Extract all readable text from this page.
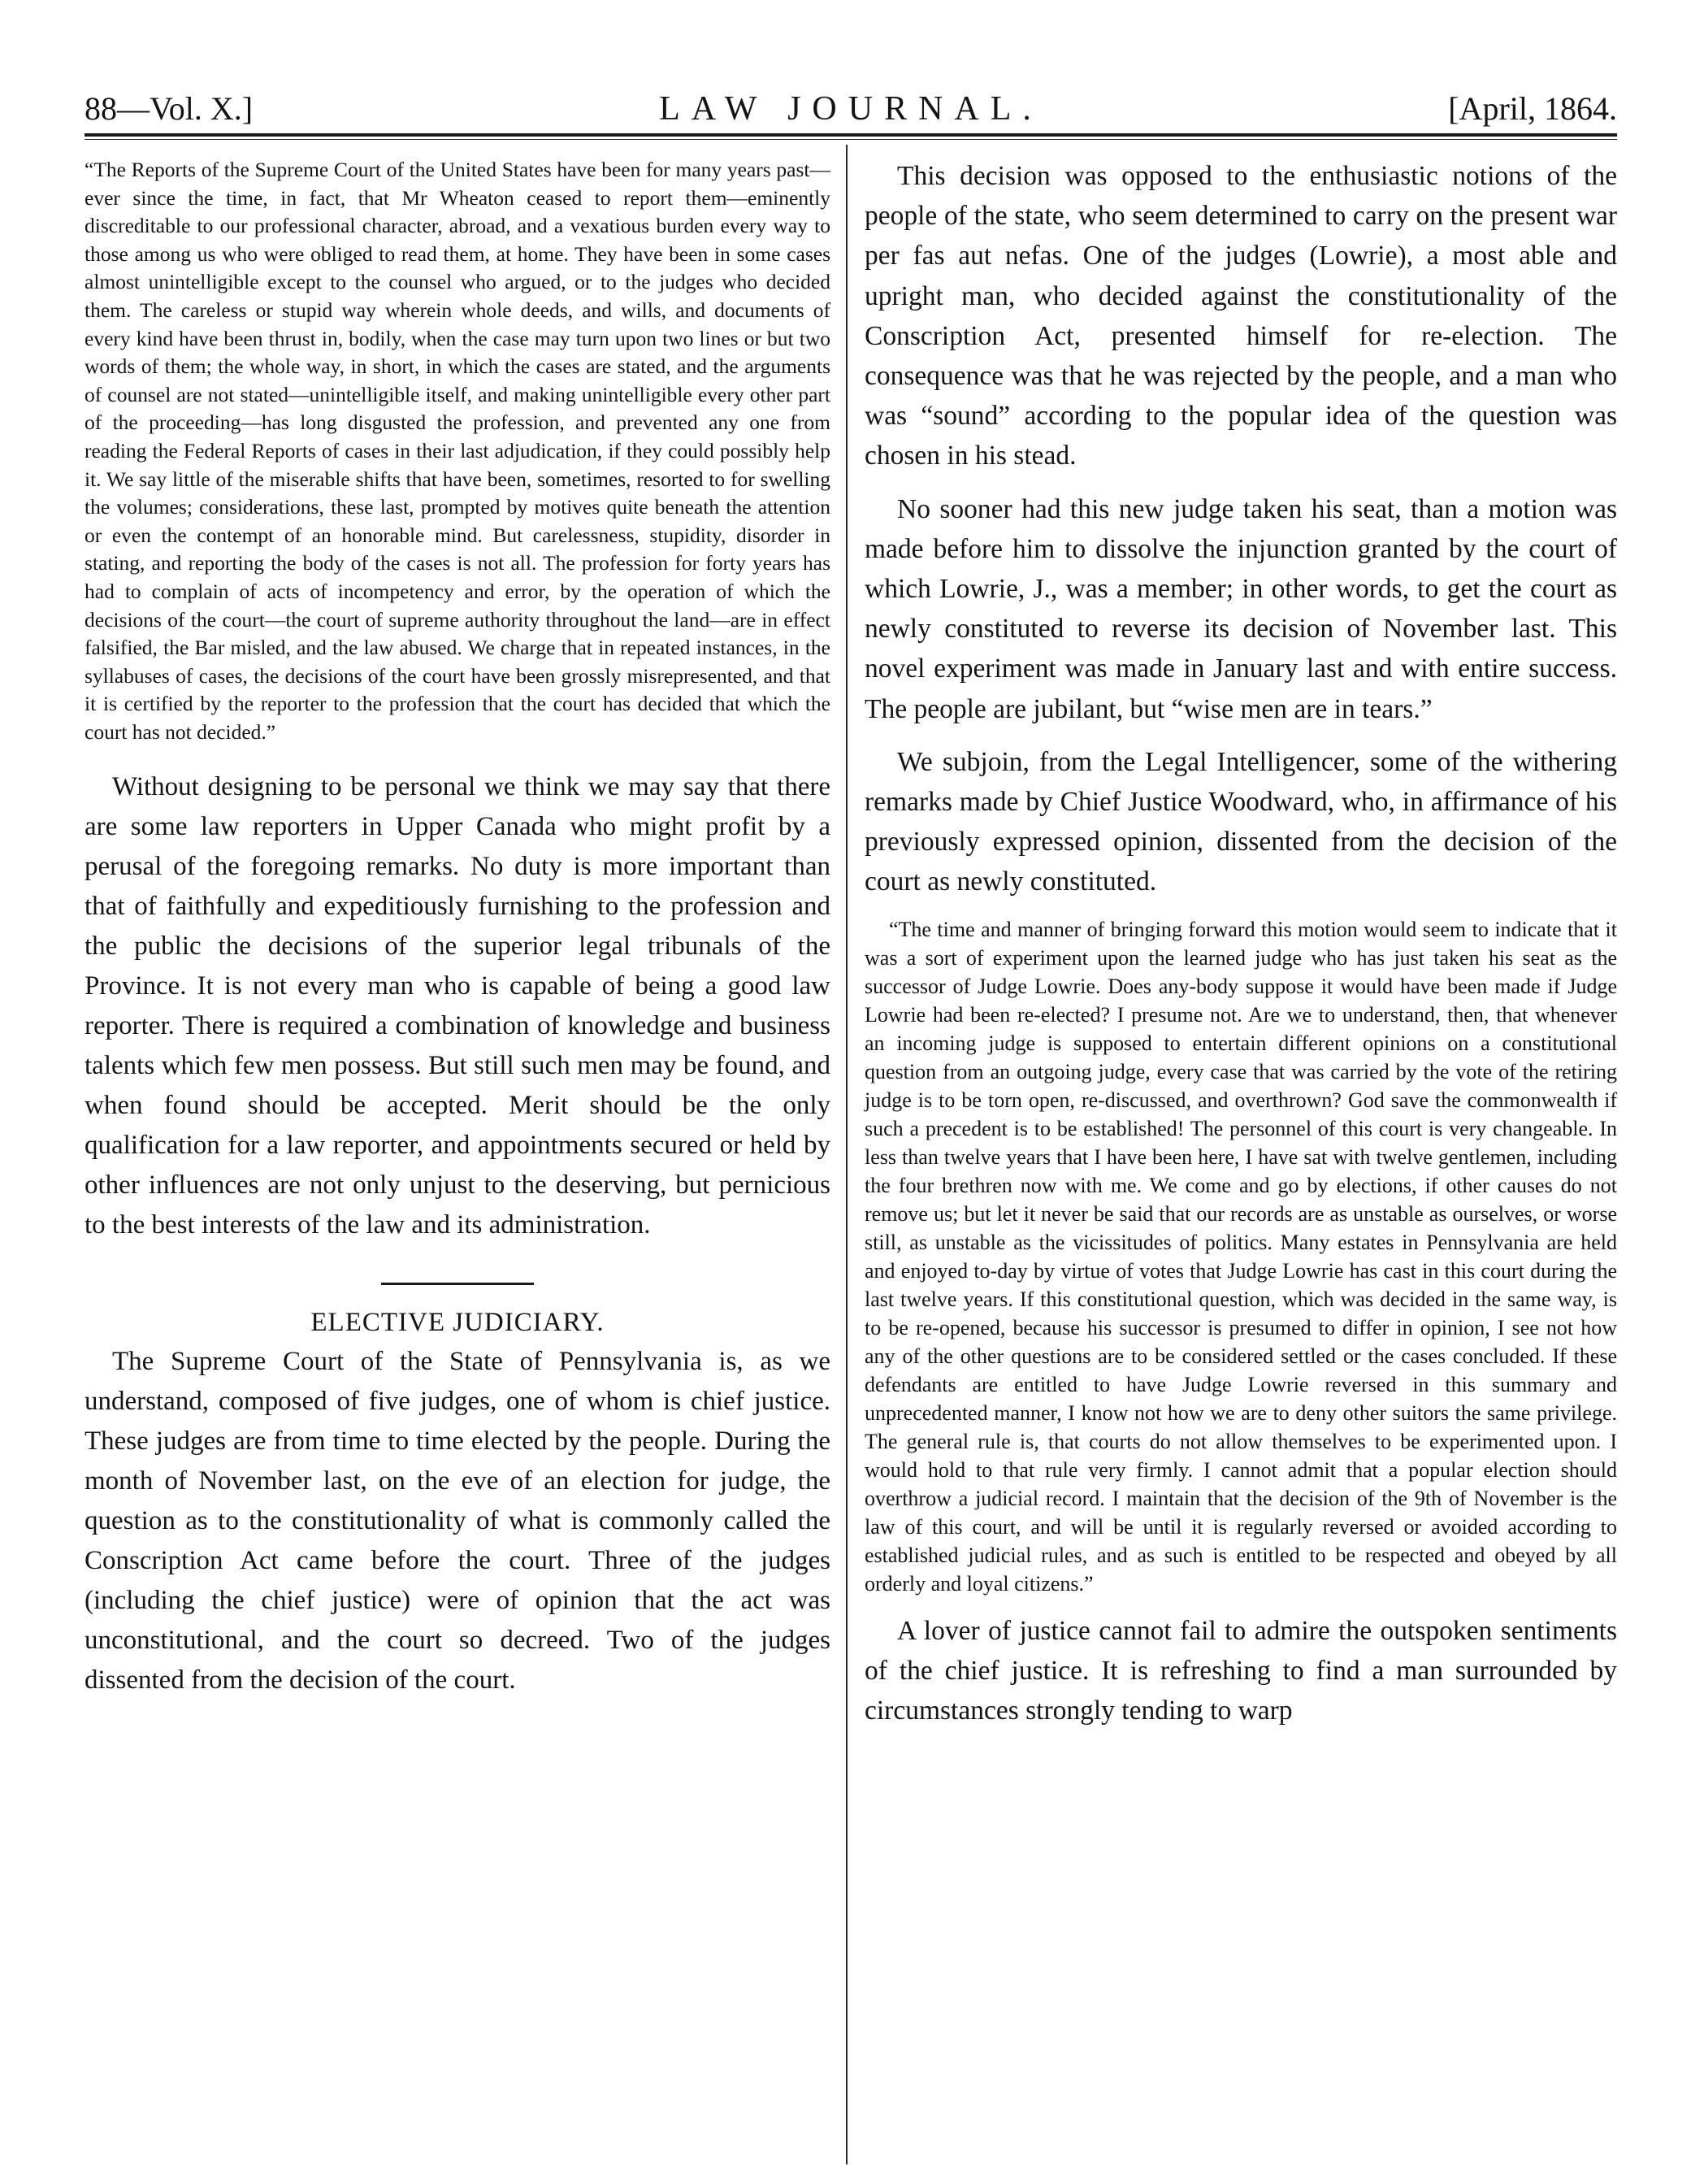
88—Vol. X.]	LAW JOURNAL.	[April, 1864.

“The Reports of the Supreme Court of the United States have been for many years past— ever since the time, in fact, that Mr Wheaton ceased to report them—eminently discreditable to our professional character, abroad, and a vexatious burden every way to those among us who were obliged to read them, at home. They have been in some cases almost unintelligible except to the counsel who argued, or to the judges who decided them. The careless or stupid way wherein whole deeds, and wills, and documents of every kind have been thrust in, bodily, when the case may turn upon two lines or but two words of them; the whole way, in short, in which the cases are stated, and the arguments of counsel are not stated—unintelligible itself, and making unintelligible every other part of the proceeding—has long disgusted the profession, and prevented any one from reading the Federal Reports of cases in their last adjudication, if they could possibly help it. We say little of the miserable shifts that have been, sometimes, resorted to for swelling the volumes; considerations, these last, prompted by motives quite beneath the attention or even the contempt of an honorable mind. But carelessness, stupidity, disorder in stating, and reporting the body of the cases is not all. The profession for forty years has had to complain of acts of incompetency and error, by the operation of which the decisions of the court—the court of supreme authority throughout the land—are in effect falsified, the Bar misled, and the law abused. We charge that in repeated instances, in the syllabuses of cases, the decisions of the court have been grossly misrepresented, and that it is certified by the reporter to the profession that the court has decided that which the court has not decided.”

Without designing to be personal we think we may say that there are some law reporters in Upper Canada who might profit by a perusal of the foregoing remarks. No duty is more important than that of faithfully and expeditiously furnishing to the profession and the public the decisions of the superior legal tribunals of the Province. It is not every man who is capable of being a good law reporter. There is required a combination of knowledge and business talents which few men possess. But still such men may be found, and when found should be accepted. Merit should be the only qualification for a law reporter, and appointments secured or held by other influences are not only unjust to the deserving, but pernicious to the best interests of the law and its administration.

ELECTIVE JUDICIARY.

The Supreme Court of the State of Pennsylvania is, as we understand, composed of five judges, one of whom is chief justice. These judges are from time to time elected by the people. During the month of November last, on the eve of an election for judge, the question as to the constitutionality of what is commonly called the Conscription Act came before the court. Three of the judges (including the chief justice) were of opinion that the act was unconstitutional, and the court so decreed. Two of the judges dissented from the decision of the court.

This decision was opposed to the enthusiastic notions of the people of the state, who seem determined to carry on the present war per fas aut nefas. One of the judges (Lowrie), a most able and upright man, who decided against the constitutionality of the Conscription Act, presented himself for re-election. The consequence was that he was rejected by the people, and a man who was “sound” according to the popular idea of the question was chosen in his stead.

No sooner had this new judge taken his seat, than a motion was made before him to dissolve the injunction granted by the court of which Lowrie, J., was a member; in other words, to get the court as newly constituted to reverse its decision of November last. This novel experiment was made in January last and with entire success. The people are jubilant, but “wise men are in tears.”

We subjoin, from the Legal Intelligencer, some of the withering remarks made by Chief Justice Woodward, who, in affirmance of his previously expressed opinion, dissented from the decision of the court as newly constituted.

“The time and manner of bringing forward this motion would seem to indicate that it was a sort of experiment upon the learned judge who has just taken his seat as the successor of Judge Lowrie. Does any-body suppose it would have been made if Judge Lowrie had been re-elected? I presume not. Are we to understand, then, that whenever an incoming judge is supposed to entertain different opinions on a constitutional question from an outgoing judge, every case that was carried by the vote of the retiring judge is to be torn open, re-discussed, and overthrown? God save the commonwealth if such a precedent is to be established! The personnel of this court is very changeable. In less than twelve years that I have been here, I have sat with twelve gentlemen, including the four brethren now with me. We come and go by elections, if other causes do not remove us; but let it never be said that our records are as unstable as ourselves, or worse still, as unstable as the vicissitudes of politics. Many estates in Pennsylvania are held and enjoyed to-day by virtue of votes that Judge Lowrie has cast in this court during the last twelve years. If this constitutional question, which was decided in the same way, is to be re-opened, because his successor is presumed to differ in opinion, I see not how any of the other questions are to be considered settled or the cases concluded. If these defendants are entitled to have Judge Lowrie reversed in this summary and unprecedented manner, I know not how we are to deny other suitors the same privilege. The general rule is, that courts do not allow themselves to be experimented upon. I would hold to that rule very firmly. I cannot admit that a popular election should overthrow a judicial record. I maintain that the decision of the 9th of November is the law of this court, and will be until it is regularly reversed or avoided according to established judicial rules, and as such is entitled to be respected and obeyed by all orderly and loyal citizens.”

A lover of justice cannot fail to admire the outspoken sentiments of the chief justice. It is refreshing to find a man surrounded by circumstances strongly tending to warp
